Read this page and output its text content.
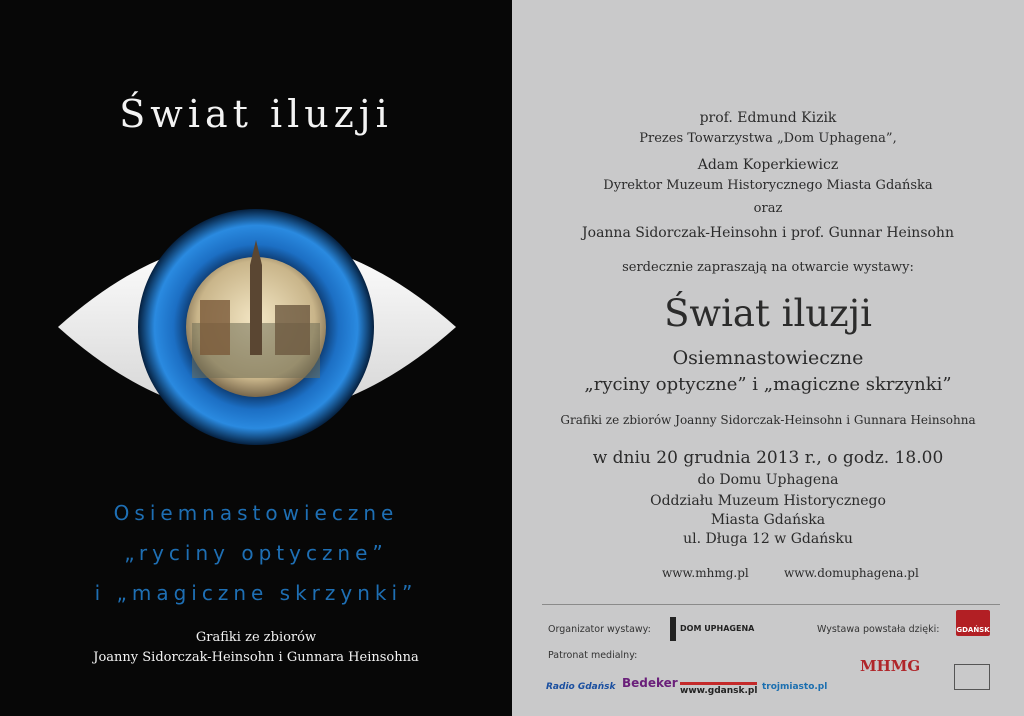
Świat iluzji
Osiemnastowieczne
„ryciny optyczne”
i „magiczne skrzynki”
Grafiki ze zbiorów
Joanny Sidorczak-Heinsohn i Gunnara Heinsohna
prof. Edmund Kizik
Prezes Towarzystwa „Dom Uphagena”,
Adam Koperkiewicz
Dyrektor Muzeum Historycznego Miasta Gdańska
oraz
Joanna Sidorczak-Heinsohn i prof. Gunnar Heinsohn
serdecznie zapraszają na otwarcie wystawy:
Świat iluzji
Osiemnastowieczne
„ryciny optyczne” i „magiczne skrzynki”
Grafiki ze zbiorów Joanny Sidorczak-Heinsohn i Gunnara Heinsohna
w dniu 20 grudnia 2013 r., o godz. 18.00
do Domu Uphagena
Oddziału Muzeum Historycznego
Miasta Gdańska
ul. Długa 12 w Gdańsku
www.mhmg.pl	www.domuphagena.pl
Organizator wystawy:	DOM UPHAGENA	Wystawa powstała dzięki: GDAŃSK
Patronat medialny:
Radio Gdańsk Bedeker
www.gdansk.pl trojmiasto.pl
MHMG
